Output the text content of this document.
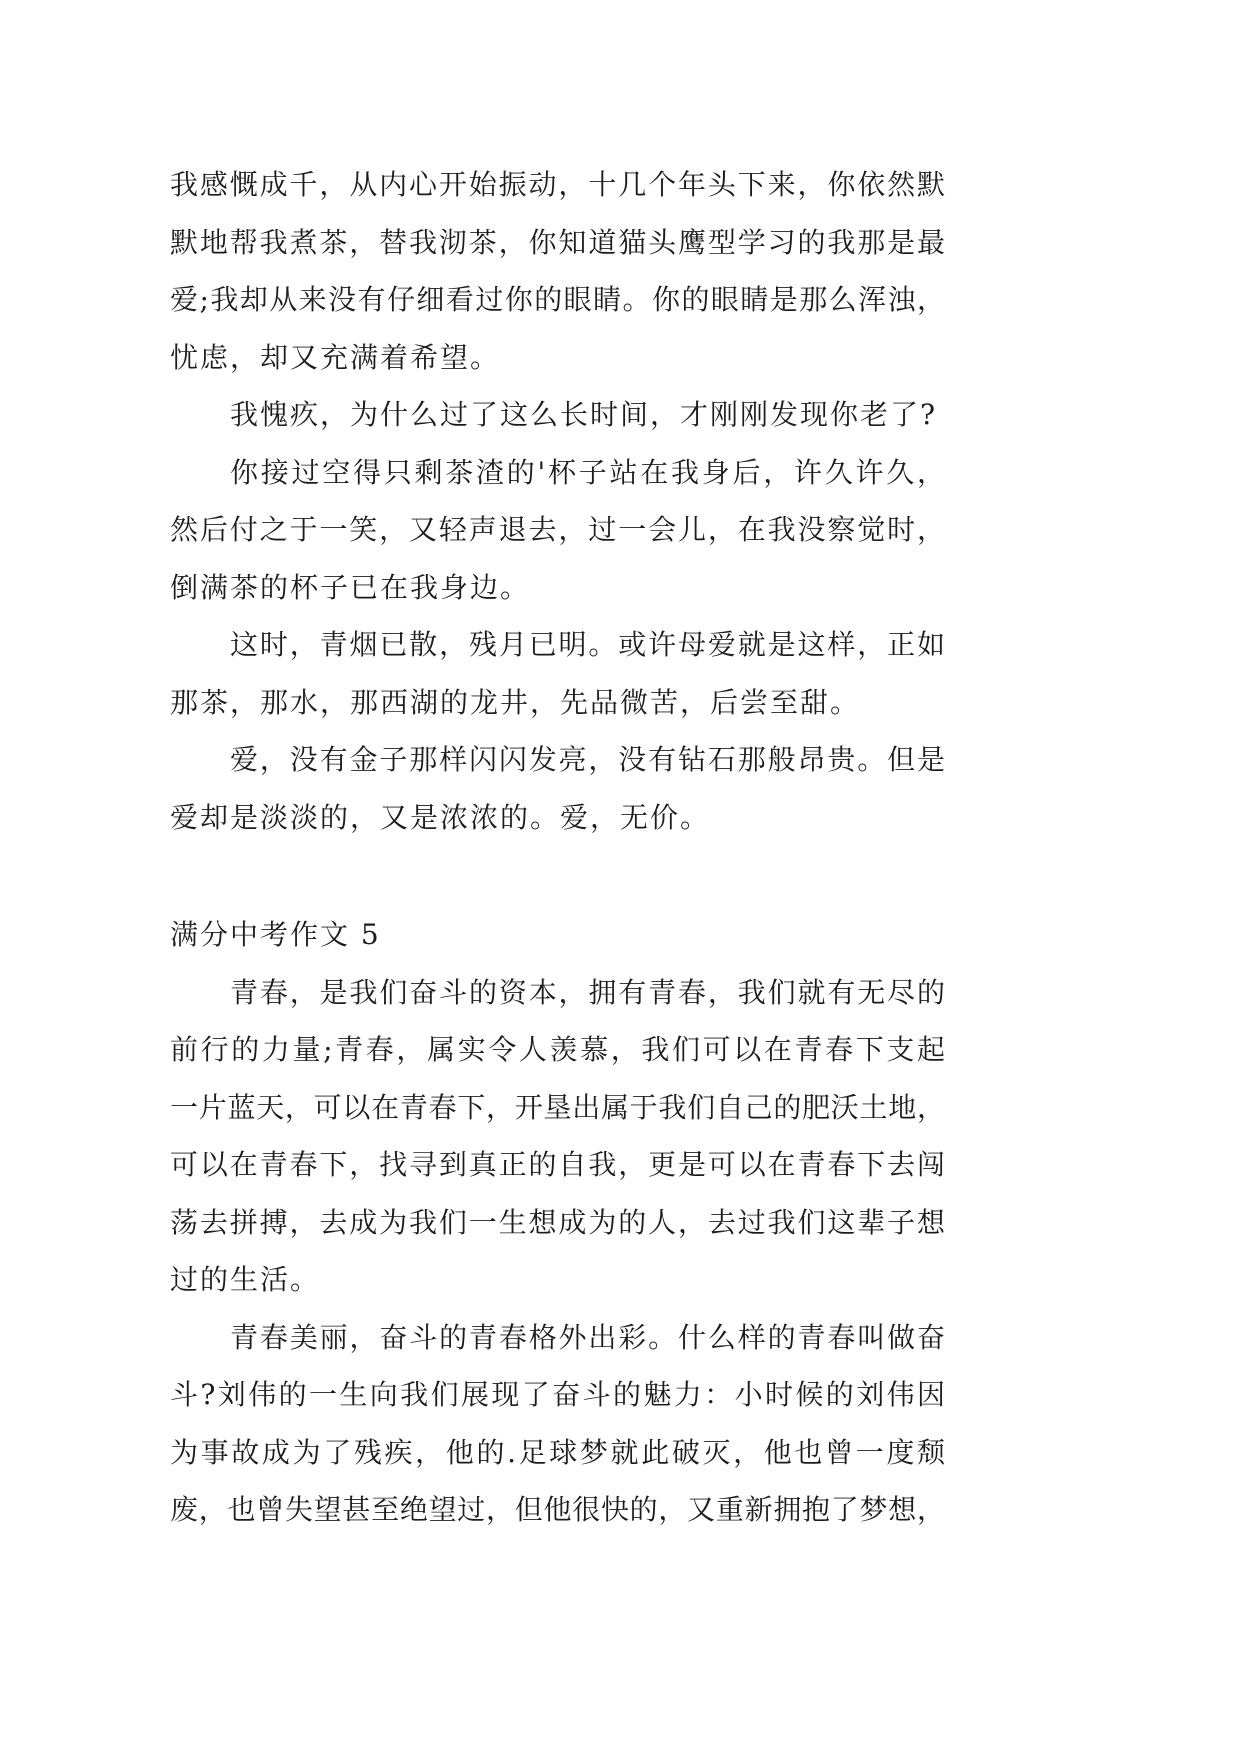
我感慨成千，从内心开始振动，十几个年头下来，你依然默
默地帮我煮茶，替我沏茶，你知道猫头鹰型学习的我那是最
爱;我却从来没有仔细看过你的眼睛。你的眼睛是那么浑浊，
忧虑，却又充满着希望。
我愧疚，为什么过了这么长时间，才刚刚发现你老了?
你接过空得只剩茶渣的'杯子站在我身后，许久许久，
然后付之于一笑，又轻声退去，过一会儿，在我没察觉时，
倒满茶的杯子已在我身边。
这时，青烟已散，残月已明。或许母爱就是这样，正如
那茶，那水，那西湖的龙井，先品微苦，后尝至甜。
爱，没有金子那样闪闪发亮，没有钻石那般昂贵。但是
爱却是淡淡的，又是浓浓的。爱，无价。
满分中考作文 5
青春，是我们奋斗的资本，拥有青春，我们就有无尽的
前行的力量;青春，属实令人羡慕，我们可以在青春下支起
一片蓝天，可以在青春下，开垦出属于我们自己的肥沃土地，
可以在青春下，找寻到真正的自我，更是可以在青春下去闯
荡去拼搏，去成为我们一生想成为的人，去过我们这辈子想
过的生活。
青春美丽，奋斗的青春格外出彩。什么样的青春叫做奋
斗?刘伟的一生向我们展现了奋斗的魅力：小时候的刘伟因
为事故成为了残疾，他的.足球梦就此破灭，他也曾一度颓
废，也曾失望甚至绝望过，但他很快的，又重新拥抱了梦想，
